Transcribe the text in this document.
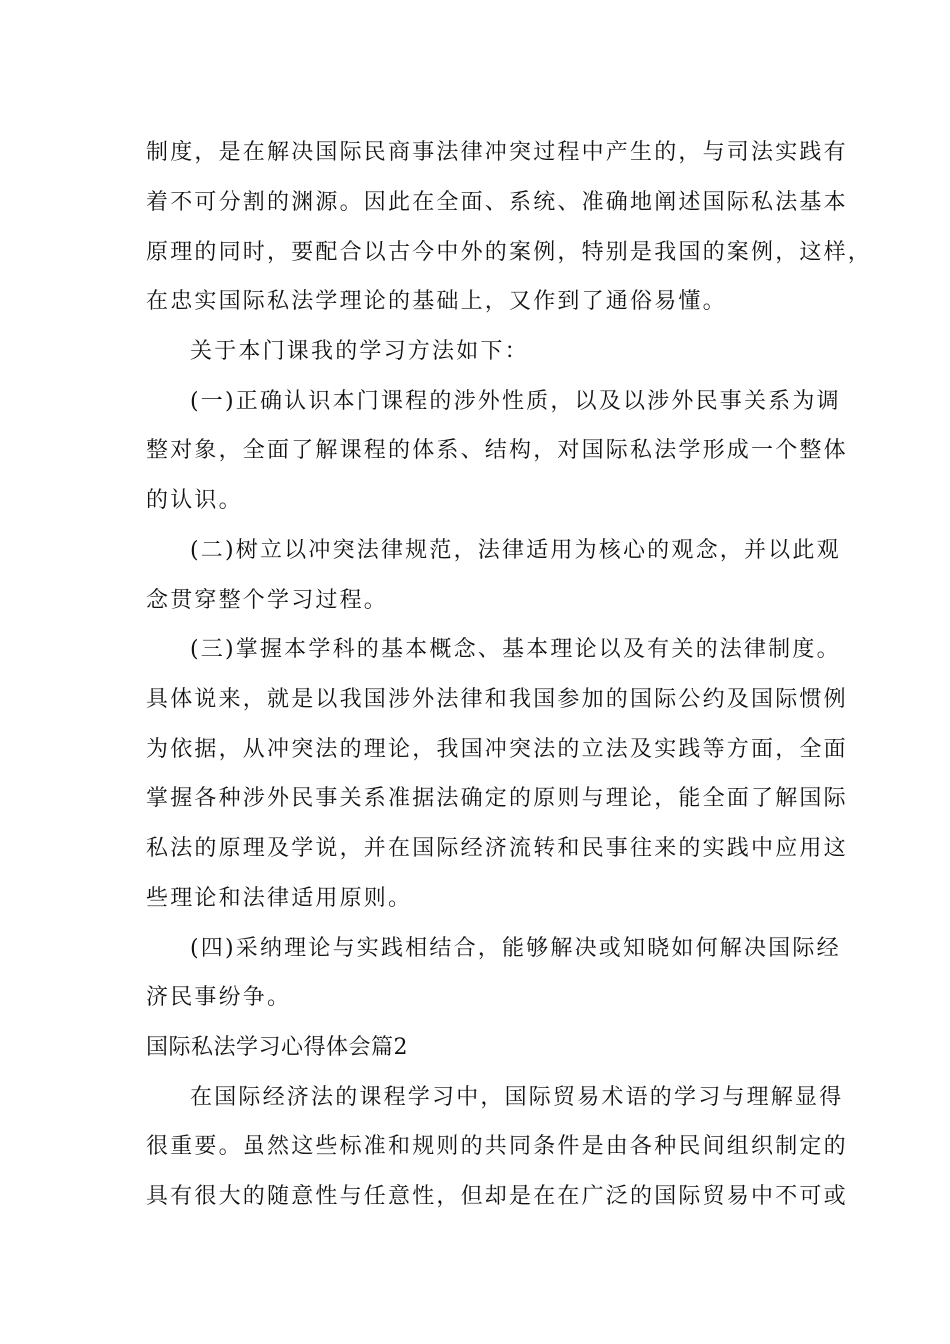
制度，是在解决国际民商事法律冲突过程中产生的，与司法实践有
着不可分割的渊源。因此在全面、系统、准确地阐述国际私法基本
原理的同时，要配合以古今中外的案例，特别是我国的案例，这样，
在忠实国际私法学理论的基础上，又作到了通俗易懂。
关于本门课我的学习方法如下：
(一)正确认识本门课程的涉外性质，以及以涉外民事关系为调
整对象，全面了解课程的体系、结构，对国际私法学形成一个整体
的认识。
(二)树立以冲突法律规范，法律适用为核心的观念，并以此观
念贯穿整个学习过程。
(三)掌握本学科的基本概念、基本理论以及有关的法律制度。
具体说来，就是以我国涉外法律和我国参加的国际公约及国际惯例
为依据，从冲突法的理论，我国冲突法的立法及实践等方面，全面
掌握各种涉外民事关系准据法确定的原则与理论，能全面了解国际
私法的原理及学说，并在国际经济流转和民事往来的实践中应用这
些理论和法律适用原则。
(四)采纳理论与实践相结合，能够解决或知晓如何解决国际经
济民事纷争。
国际私法学习心得体会篇2
在国际经济法的课程学习中，国际贸易术语的学习与理解显得
很重要。虽然这些标准和规则的共同条件是由各种民间组织制定的
具有很大的随意性与任意性，但却是在在广泛的国际贸易中不可或
